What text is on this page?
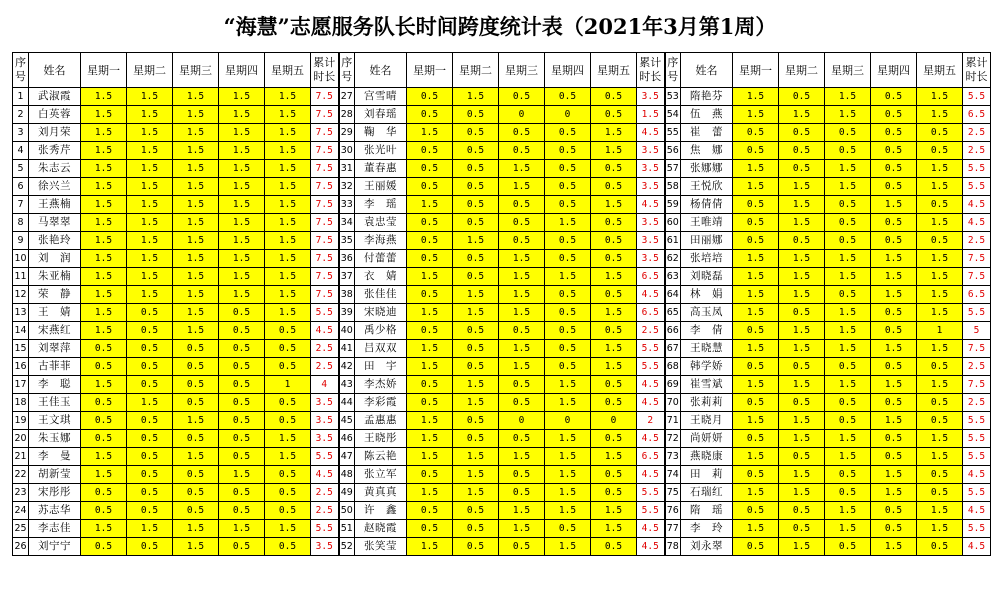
“海慧”志愿服务队长时间跨度统计表（2021年3月第1周）
序
号	姓名	星期一	星期二	星期三	星期四	星期五	累计
时长	序
号	姓名	星期一	星期二	星期三	星期四	星期五	累计
时长	序
号	姓名	星期一	星期二	星期三	星期四	星期五	累计
时长

1	武淑霞	1.5	1.5	1.5	1.5	1.5	7.5	27	宫雪晴	0.5	1.5	0.5	0.5	0.5	3.5	53	隋艳芬	1.5	0.5	1.5	0.5	1.5	5.5
2	白英蓉	1.5	1.5	1.5	1.5	1.5	7.5	28	刘春瑶	0.5	0.5	0	0	0.5	1.5	54	伍　燕	1.5	1.5	1.5	0.5	1.5	6.5
3	刘月荣	1.5	1.5	1.5	1.5	1.5	7.5	29	鞠　华	1.5	0.5	0.5	0.5	1.5	4.5	55	崔　蕾	0.5	0.5	0.5	0.5	0.5	2.5
4	张秀芹	1.5	1.5	1.5	1.5	1.5	7.5	30	张光叶	0.5	0.5	0.5	0.5	1.5	3.5	56	焦　娜	0.5	0.5	0.5	0.5	0.5	2.5
5	朱志云	1.5	1.5	1.5	1.5	1.5	7.5	31	董春惠	0.5	0.5	1.5	0.5	0.5	3.5	57	张娜娜	1.5	0.5	1.5	0.5	1.5	5.5
6	徐兴兰	1.5	1.5	1.5	1.5	1.5	7.5	32	王丽媛	0.5	0.5	1.5	0.5	0.5	3.5	58	王悦欣	1.5	1.5	1.5	0.5	1.5	5.5
7	王燕楠	1.5	1.5	1.5	1.5	1.5	7.5	33	李　瑶	1.5	0.5	0.5	0.5	1.5	4.5	59	杨倩倩	0.5	1.5	0.5	1.5	0.5	4.5
8	马翠翠	1.5	1.5	1.5	1.5	1.5	7.5	34	袁忠莹	0.5	0.5	0.5	1.5	0.5	3.5	60	王唯靖	0.5	1.5	0.5	0.5	1.5	4.5
9	张艳玲	1.5	1.5	1.5	1.5	1.5	7.5	35	李海燕	0.5	1.5	0.5	0.5	0.5	3.5	61	田丽娜	0.5	0.5	0.5	0.5	0.5	2.5
10	刘　润	1.5	1.5	1.5	1.5	1.5	7.5	36	付蕾蕾	0.5	0.5	1.5	0.5	0.5	3.5	62	张培培	1.5	1.5	1.5	1.5	1.5	7.5
11	朱亚楠	1.5	1.5	1.5	1.5	1.5	7.5	37	衣　婧	1.5	0.5	1.5	1.5	1.5	6.5	63	刘晓磊	1.5	1.5	1.5	1.5	1.5	7.5
12	荣　静	1.5	1.5	1.5	1.5	1.5	7.5	38	张佳佳	0.5	1.5	1.5	0.5	0.5	4.5	64	林　娟	1.5	1.5	0.5	1.5	1.5	6.5
13	王　婧	1.5	0.5	1.5	0.5	1.5	5.5	39	宋晓迪	1.5	1.5	1.5	0.5	1.5	6.5	65	高玉凤	1.5	0.5	1.5	0.5	1.5	5.5
14	宋燕红	1.5	0.5	1.5	0.5	0.5	4.5	40	禹少格	0.5	0.5	0.5	0.5	0.5	2.5	66	李　倩	0.5	1.5	1.5	0.5	1	5
15	刘翠萍	0.5	0.5	0.5	0.5	0.5	2.5	41	吕双双	1.5	0.5	1.5	0.5	1.5	5.5	67	王晓慧	1.5	1.5	1.5	1.5	1.5	7.5
16	古菲菲	0.5	0.5	0.5	0.5	0.5	2.5	42	田　宇	1.5	0.5	1.5	0.5	1.5	5.5	68	韩学娇	0.5	0.5	0.5	0.5	0.5	2.5
17	李　聪	1.5	0.5	0.5	0.5	1	4	43	李杰娇	0.5	1.5	0.5	1.5	0.5	4.5	69	崔雪斌	1.5	1.5	1.5	1.5	1.5	7.5
18	王佳玉	0.5	1.5	0.5	0.5	0.5	3.5	44	李彩霞	0.5	1.5	0.5	1.5	0.5	4.5	70	张莉莉	0.5	0.5	0.5	0.5	0.5	2.5
19	王文琪	0.5	0.5	1.5	0.5	0.5	3.5	45	孟惠惠	1.5	0.5	0	0	0	2	71	王晓月	1.5	1.5	0.5	1.5	0.5	5.5
20	朱玉娜	0.5	0.5	0.5	0.5	1.5	3.5	46	王晓彤	1.5	0.5	0.5	1.5	0.5	4.5	72	尚妍妍	0.5	1.5	1.5	0.5	1.5	5.5
21	李　曼	1.5	0.5	1.5	0.5	1.5	5.5	47	陈云艳	1.5	1.5	1.5	1.5	1.5	6.5	73	燕晓康	1.5	0.5	1.5	0.5	1.5	5.5
22	胡新莹	1.5	0.5	0.5	1.5	0.5	4.5	48	张立军	0.5	1.5	0.5	1.5	0.5	4.5	74	田　莉	0.5	1.5	0.5	1.5	0.5	4.5
23	宋彤彤	0.5	0.5	0.5	0.5	0.5	2.5	49	黄真真	1.5	1.5	0.5	1.5	0.5	5.5	75	石瑞红	1.5	1.5	0.5	1.5	0.5	5.5
24	苏志华	0.5	0.5	0.5	0.5	0.5	2.5	50	许　鑫	0.5	0.5	1.5	1.5	1.5	5.5	76	隋　瑶	0.5	0.5	1.5	0.5	1.5	4.5
25	李志佳	1.5	1.5	1.5	1.5	1.5	5.5	51	赵晓霞	0.5	0.5	1.5	0.5	1.5	4.5	77	李　玲	1.5	0.5	1.5	0.5	1.5	5.5
26	刘宁宁	0.5	0.5	1.5	0.5	0.5	3.5	52	张笑莹	1.5	0.5	0.5	1.5	0.5	4.5	78	刘永翠	0.5	1.5	0.5	1.5	0.5	4.5
